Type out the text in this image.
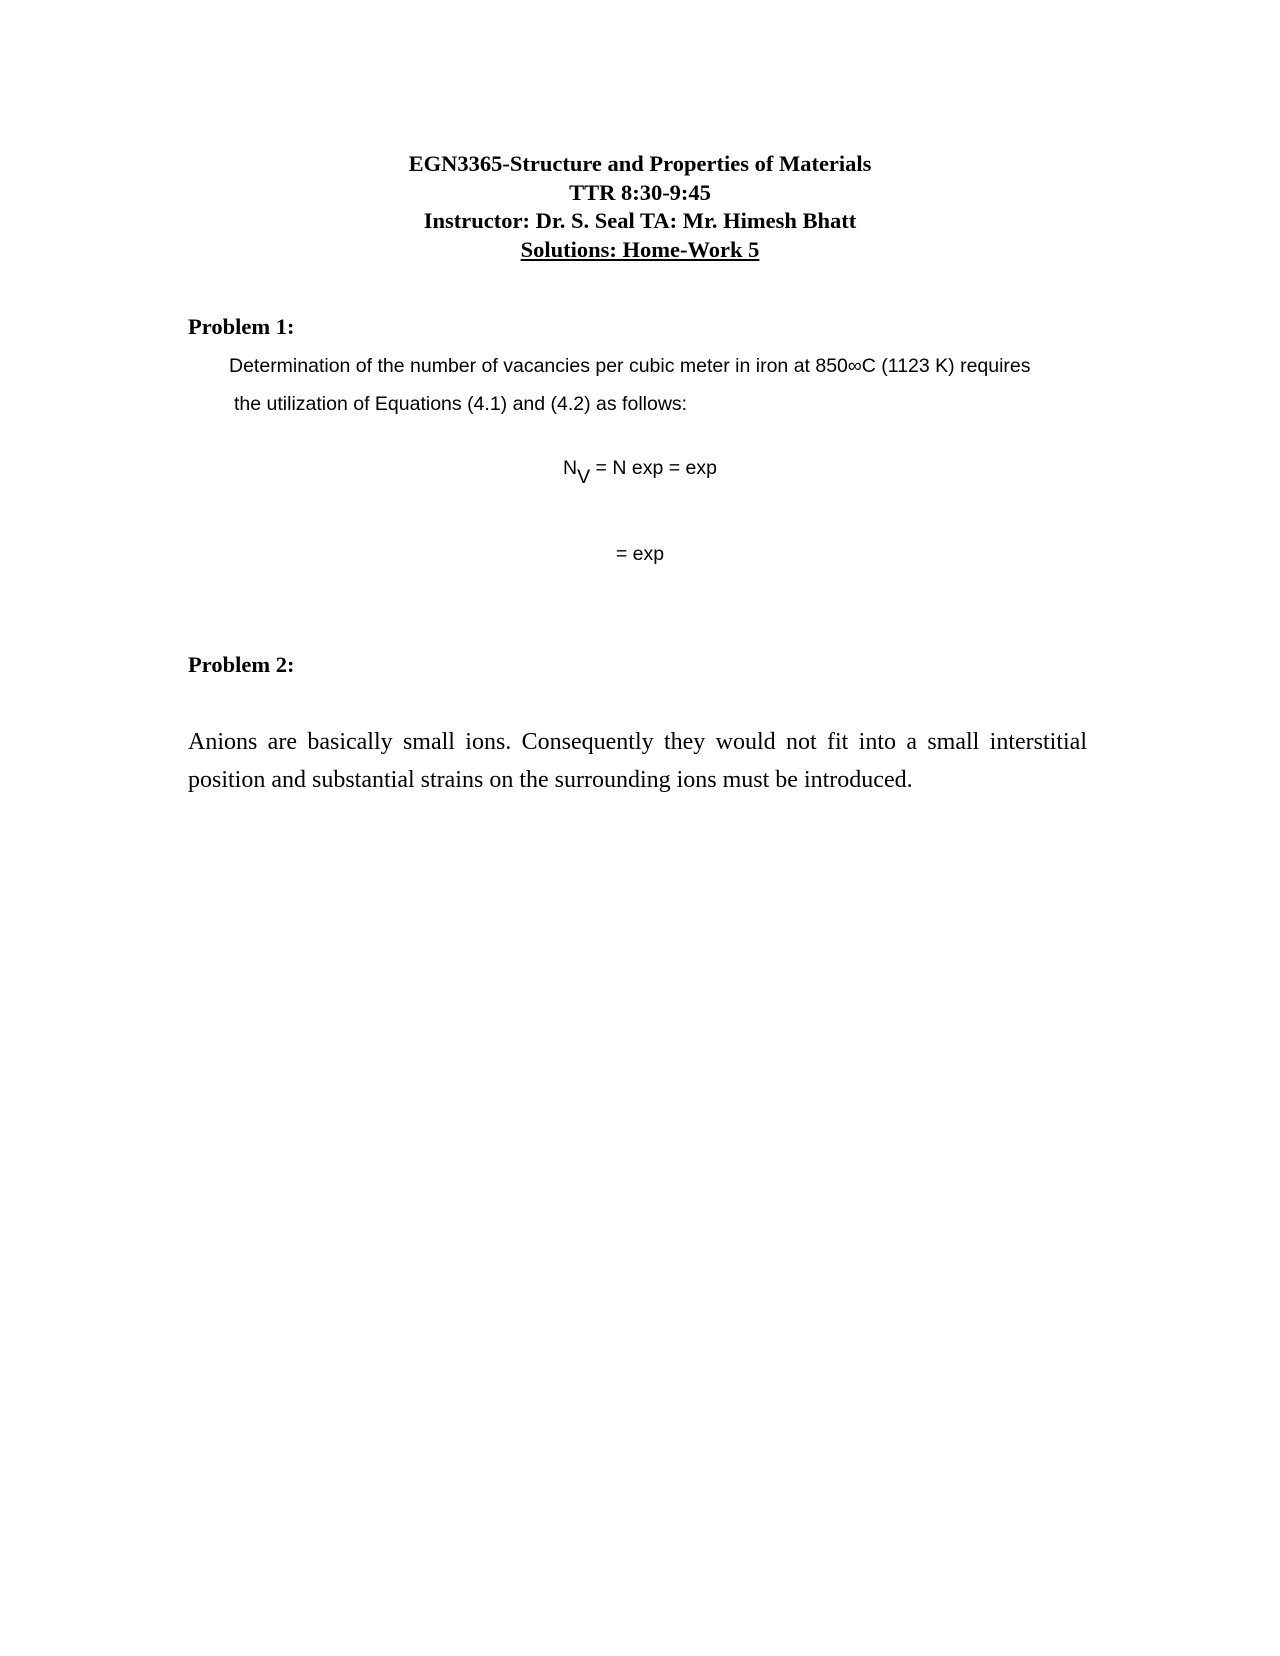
EGN3365-Structure and Properties of Materials
TTR 8:30-9:45
Instructor: Dr. S. Seal TA: Mr. Himesh Bhatt
Solutions: Home-Work 5
Problem 1:
Determination of the number of vacancies per cubic meter in iron at 850∞C (1123 K) requires
the utilization of Equations (4.1) and (4.2) as follows:
NV = N exp = exp
= exp
Problem 2:
Anions are basically small ions. Consequently they would not fit into a small interstitial position and substantial strains on the surrounding ions must be introduced.
